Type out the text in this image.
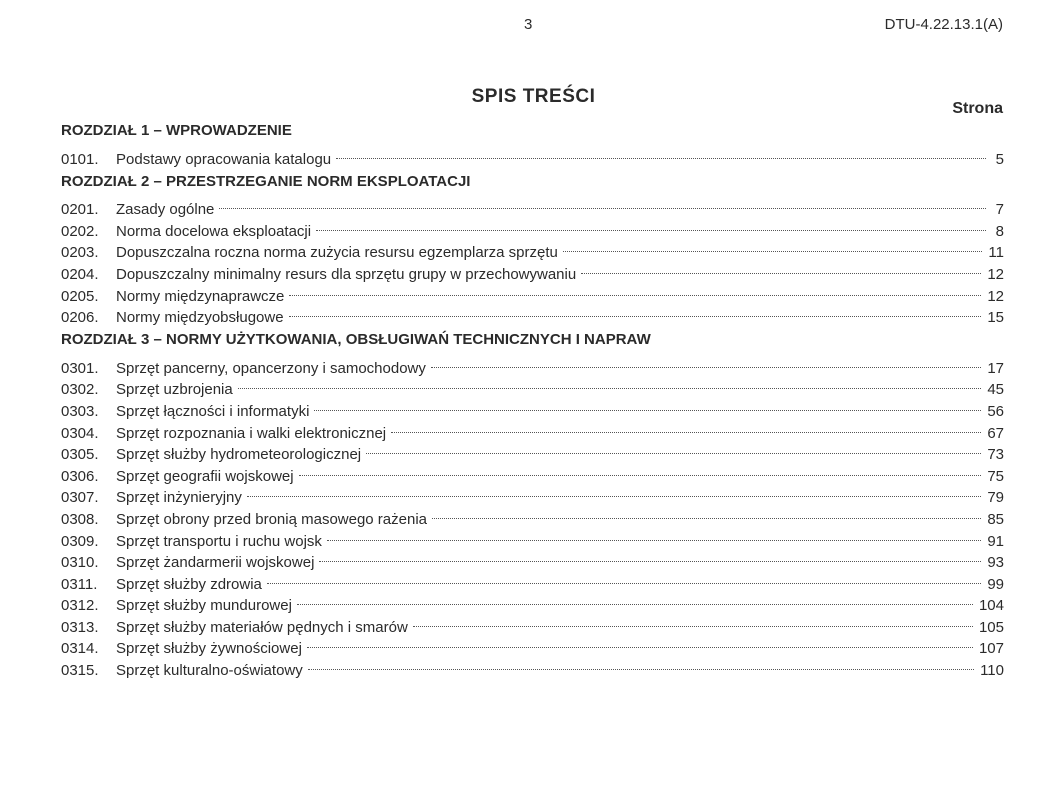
3	DTU-4.22.13.1(A)
SPIS TREŚCI
Strona
ROZDZIAŁ 1 – WPROWADZENIE
0101.	Podstawy opracowania katalogu	5
ROZDZIAŁ 2 – PRZESTRZEGANIE NORM EKSPLOATACJI
0201.	Zasady ogólne	7
0202.	Norma docelowa eksploatacji	8
0203.	Dopuszczalna roczna norma zużycia resursu egzemplarza sprzętu	11
0204.	Dopuszczalny minimalny resurs dla sprzętu grupy w przechowywaniu	12
0205.	Normy międzynaprawcze	12
0206.	Normy międzyobsługowe	15
ROZDZIAŁ 3 – NORMY UŻYTKOWANIA, OBSŁUGIWAŃ TECHNICZNYCH I NAPRAW
0301.	Sprzęt pancerny, opancerzony i samochodowy	17
0302.	Sprzęt uzbrojenia	45
0303.	Sprzęt łączności i informatyki	56
0304.	Sprzęt rozpoznania i walki elektronicznej	67
0305.	Sprzęt służby hydrometeorologicznej	73
0306.	Sprzęt geografii wojskowej	75
0307.	Sprzęt inżynieryjny	79
0308.	Sprzęt obrony przed bronią masowego rażenia	85
0309.	Sprzęt transportu i ruchu wojsk	91
0310.	Sprzęt żandarmerii wojskowej	93
0311.	Sprzęt służby zdrowia	99
0312.	Sprzęt służby mundurowej	104
0313.	Sprzęt służby materiałów pędnych i smarów	105
0314.	Sprzęt służby żywnościowej	107
0315.	Sprzęt kulturalno-oświatowy	110
